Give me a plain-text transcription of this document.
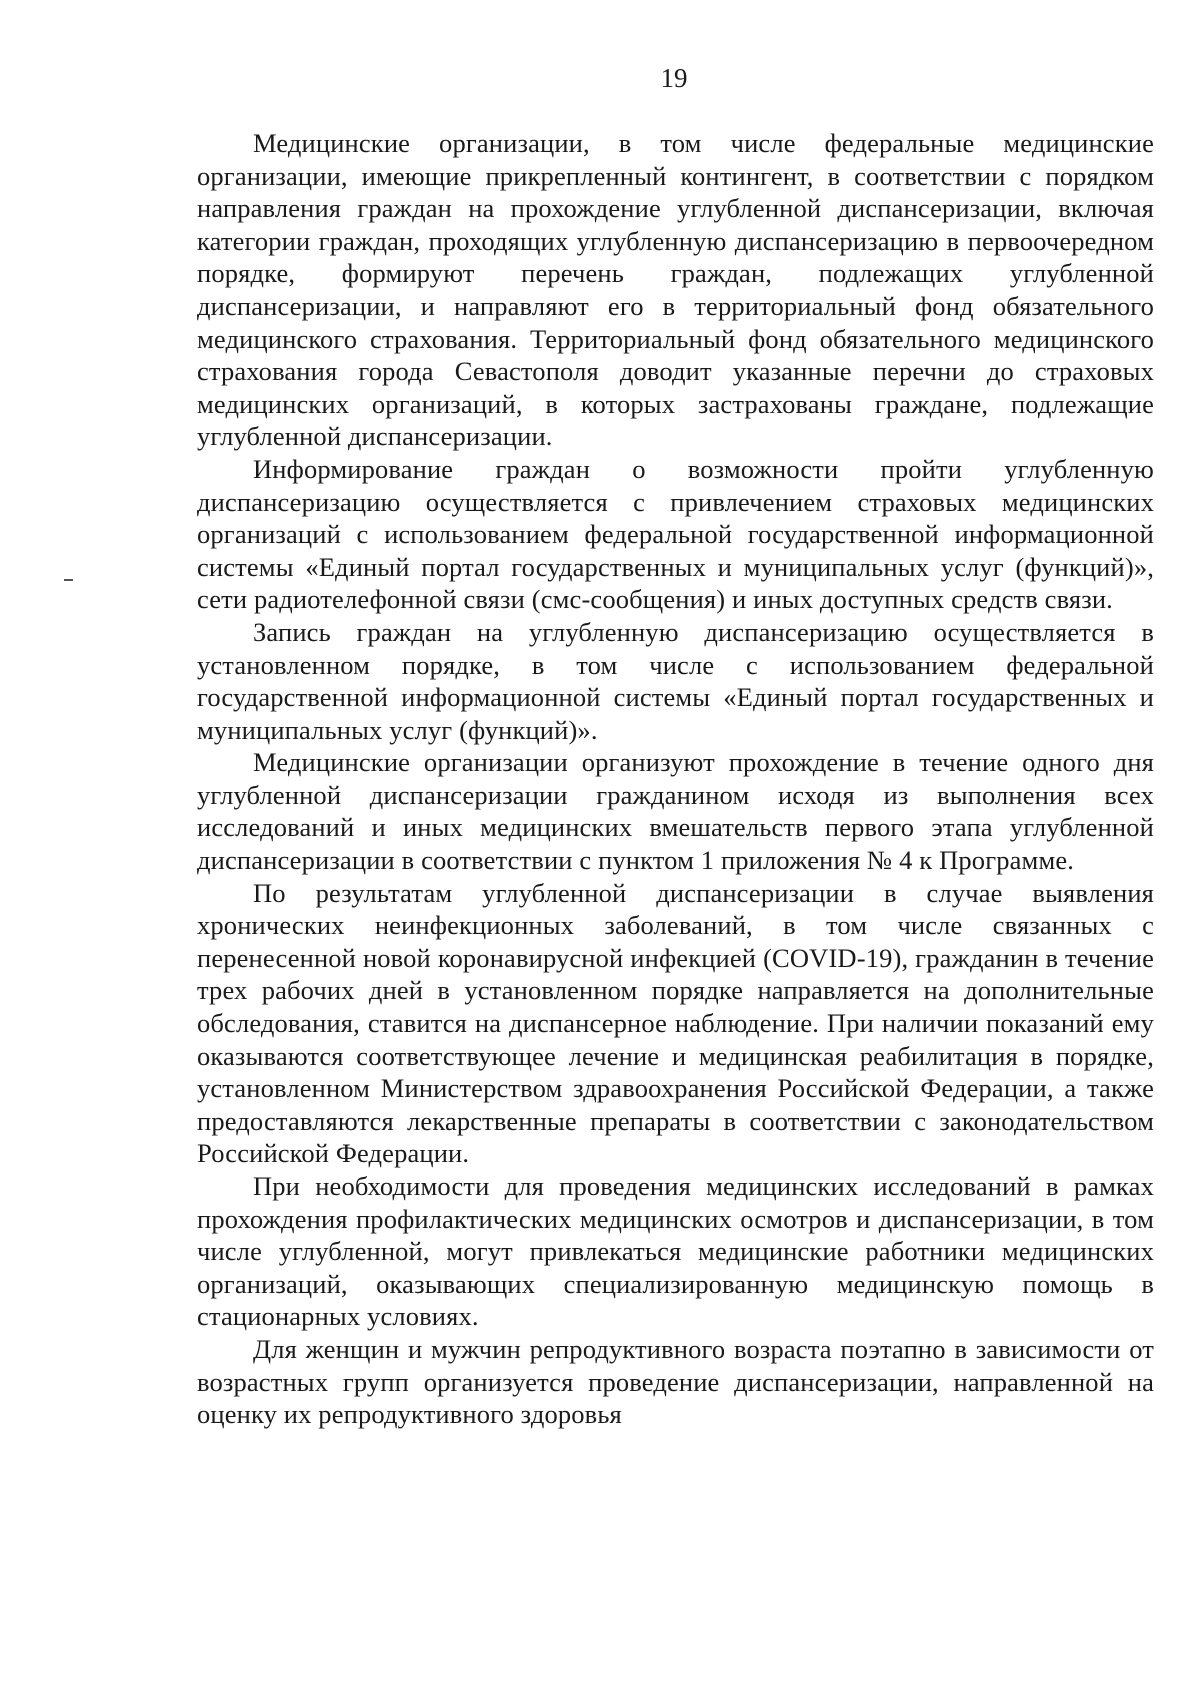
19

Медицинские организации, в том числе федеральные медицинские организации, имеющие прикрепленный контингент, в соответствии с порядком направления граждан на прохождение углубленной диспансеризации, включая категории граждан, проходящих углубленную диспансеризацию в первоочередном порядке, формируют перечень граждан, подлежащих углубленной диспансеризации, и направляют его в территориальный фонд обязательного медицинского страхования. Территориальный фонд обязательного медицинского страхования города Севастополя доводит указанные перечни до страховых медицинских организаций, в которых застрахованы граждане, подлежащие углубленной диспансеризации.

Информирование граждан о возможности пройти углубленную диспансеризацию осуществляется с привлечением страховых медицинских организаций с использованием федеральной государственной информационной системы «Единый портал государственных и муниципальных услуг (функций)», сети радиотелефонной связи (смс-сообщения) и иных доступных средств связи.

Запись граждан на углубленную диспансеризацию осуществляется в установленном порядке, в том числе с использованием федеральной государственной информационной системы «Единый портал государственных и муниципальных услуг (функций)».

Медицинские организации организуют прохождение в течение одного дня углубленной диспансеризации гражданином исходя из выполнения всех исследований и иных медицинских вмешательств первого этапа углубленной диспансеризации в соответствии с пунктом 1 приложения № 4 к Программе.

По результатам углубленной диспансеризации в случае выявления хронических неинфекционных заболеваний, в том числе связанных с перенесенной новой коронавирусной инфекцией (COVID-19), гражданин в течение трех рабочих дней в установленном порядке направляется на дополнительные обследования, ставится на диспансерное наблюдение. При наличии показаний ему оказываются соответствующее лечение и медицинская реабилитация в порядке, установленном Министерством здравоохранения Российской Федерации, а также предоставляются лекарственные препараты в соответствии с законодательством Российской Федерации.

При необходимости для проведения медицинских исследований в рамках прохождения профилактических медицинских осмотров и диспансеризации, в том числе углубленной, могут привлекаться медицинские работники медицинских организаций, оказывающих специализированную медицинскую помощь в стационарных условиях.

Для женщин и мужчин репродуктивного возраста поэтапно в зависимости от возрастных групп организуется проведение диспансеризации, направленной на оценку их репродуктивного здоровья
